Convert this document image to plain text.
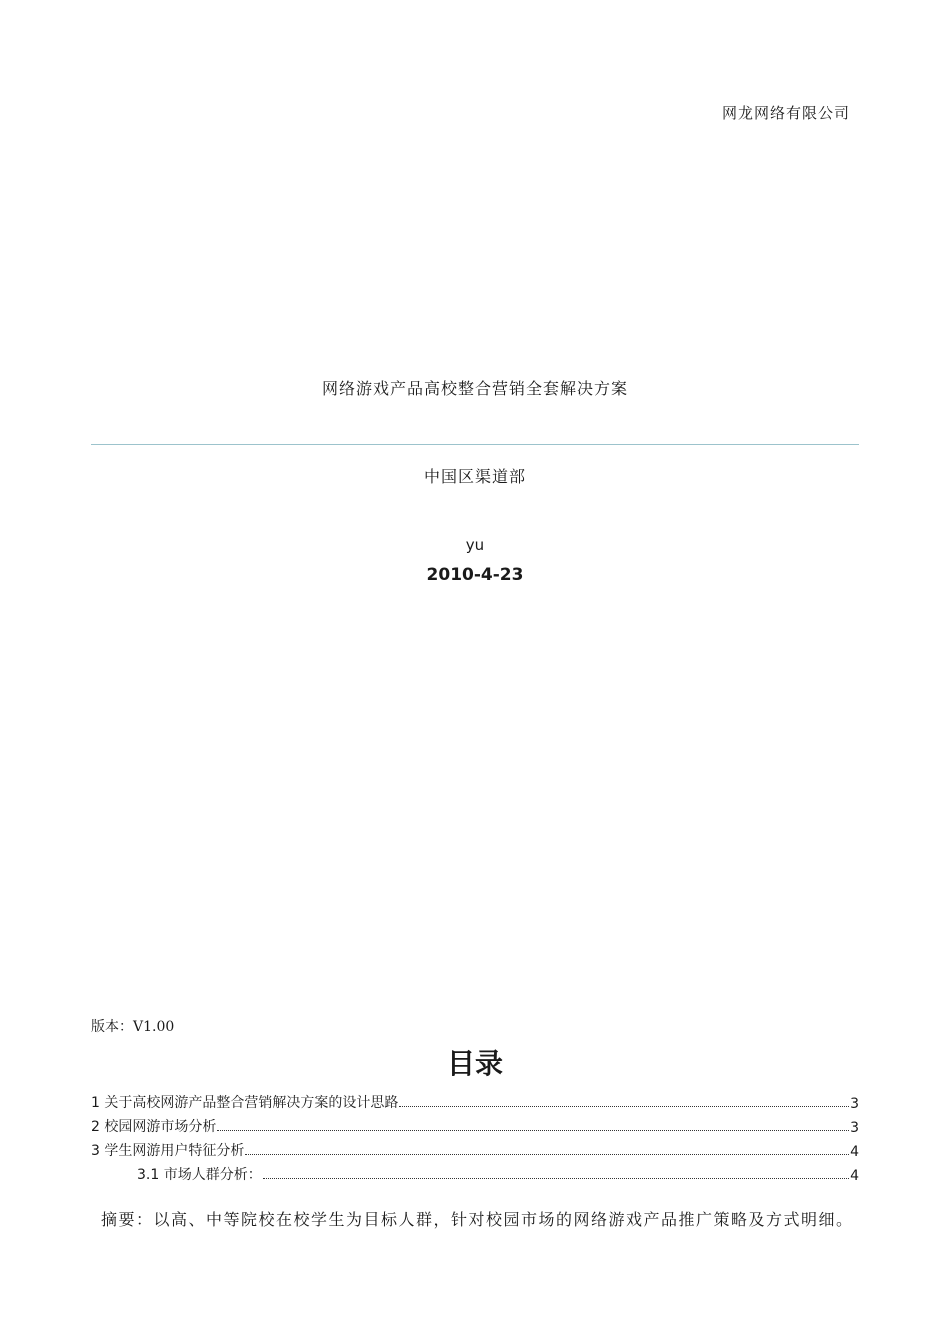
网龙网络有限公司
网络游戏产品高校整合营销全套解决方案
中国区渠道部
yu
2010-4-23
版本：V1.00
目录
1 关于高校网游产品整合营销解决方案的设计思路	3
2 校园网游市场分析	3
3 学生网游用户特征分析	4
3.1 市场人群分析：	4
摘要：以高、中等院校在校学生为目标人群，针对校园市场的网络游戏产品推广策略及方式明细。
